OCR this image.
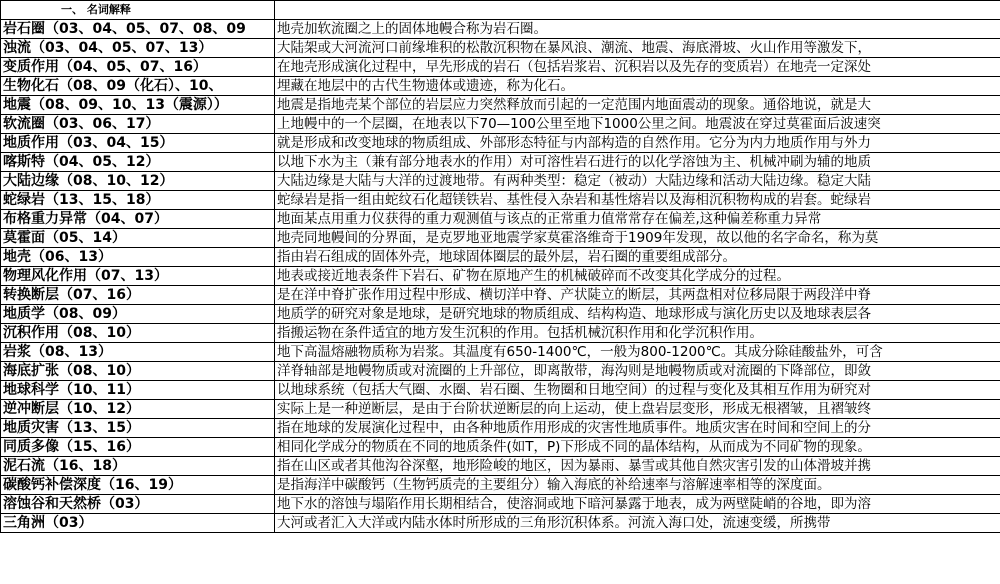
一、 名词解释	
岩石圈（03、04、05、07、08、09	地壳加软流圈之上的固体地幔合称为岩石圈。
浊流（03、04、05、07、13）	大陆架或大河流河口前缘堆积的松散沉积物在暴风浪、潮流、地震、海底滑坡、火山作用等激发下，
变质作用（04、05、07、16）	在地壳形成演化过程中，早先形成的岩石（包括岩浆岩、沉积岩以及先存的变质岩）在地壳一定深处
生物化石（08、09（化石）、10、	埋藏在地层中的古代生物遗体或遗迹，称为化石。
地震（08、09、10、13（震源））	地震是指地壳某个部位的岩层应力突然释放而引起的一定范围内地面震动的现象。通俗地说，就是大
软流圈（03、06、17）	上地幔中的一个层圈，在地表以下70—100公里至地下1000公里之间。地震波在穿过莫霍面后波速突
地质作用（03、04、15）	就是形成和改变地球的物质组成、外部形态特征与内部构造的自然作用。它分为内力地质作用与外力
喀斯特（04、05、12）	以地下水为主（兼有部分地表水的作用）对可溶性岩石进行的以化学溶蚀为主、机械冲刷为辅的地质
大陆边缘（08、10、12）	大陆边缘是大陆与大洋的过渡地带。有两种类型：稳定（被动）大陆边缘和活动大陆边缘。稳定大陆
蛇绿岩（13、15、18）	蛇绿岩是指一组由蛇纹石化超镁铁岩、基性侵入杂岩和基性熔岩以及海相沉积物构成的岩套。蛇绿岩
布格重力异常（04、07）	地面某点用重力仪获得的重力观测值与该点的正常重力值常常存在偏差,这种偏差称重力异常
莫霍面（05、14）	地壳同地幔间的分界面，是克罗地亚地震学家莫霍洛维奇于1909年发现，故以他的名字命名，称为莫
地壳（06、13）	指由岩石组成的固体外壳，地球固体圈层的最外层，岩石圈的重要组成部分。
物理风化作用（07、13）	地表或接近地表条件下岩石、矿物在原地产生的机械破碎而不改变其化学成分的过程。
转换断层（07、16）	是在洋中脊扩张作用过程中形成、横切洋中脊、产状陡立的断层，其两盘相对位移局限于两段洋中脊
地质学（08、09）	地质学的研究对象是地球，是研究地球的物质组成、结构构造、地球形成与演化历史以及地球表层各
沉积作用（08、10）	指搬运物在条件适宜的地方发生沉积的作用。包括机械沉积作用和化学沉积作用。
岩浆（08、13）	地下高温熔融物质称为岩浆。其温度有650-1400℃，一般为800-1200℃。其成分除硅酸盐外，可含
海底扩张（08、10）	洋脊轴部是地幔物质或对流圈的上升部位，即离散带，海沟则是地幔物质或对流圈的下降部位，即敛
地球科学（10、11）	以地球系统（包括大气圈、水圈、岩石圈、生物圈和日地空间）的过程与变化及其相互作用为研究对
逆冲断层（10、12）	实际上是一种逆断层，是由于台阶状逆断层的向上运动，使上盘岩层变形，形成无根褶皱，且褶皱终
地质灾害（13、15）	指在地球的发展演化过程中，由各种地质作用形成的灾害性地质事件。地质灾害在时间和空间上的分
同质多像（15、16）	相同化学成分的物质在不同的地质条件(如T，P)下形成不同的晶体结构，从而成为不同矿物的现象。
泥石流（16、18）	指在山区或者其他沟谷深壑，地形险峻的地区，因为暴雨、暴雪或其他自然灾害引发的山体滑坡并携
碳酸钙补偿深度（16、19）	是指海洋中碳酸钙（生物钙质壳的主要组分）输入海底的补给速率与溶解速率相等的深度面。
溶蚀谷和天然桥（03）	地下水的溶蚀与塌陷作用长期相结合，使溶洞或地下暗河暴露于地表，成为两壁陡峭的谷地，即为溶
三角洲（03）	大河或者汇入大洋或内陆水体时所形成的三角形沉积体系。河流入海口处，流速变缓，所携带
